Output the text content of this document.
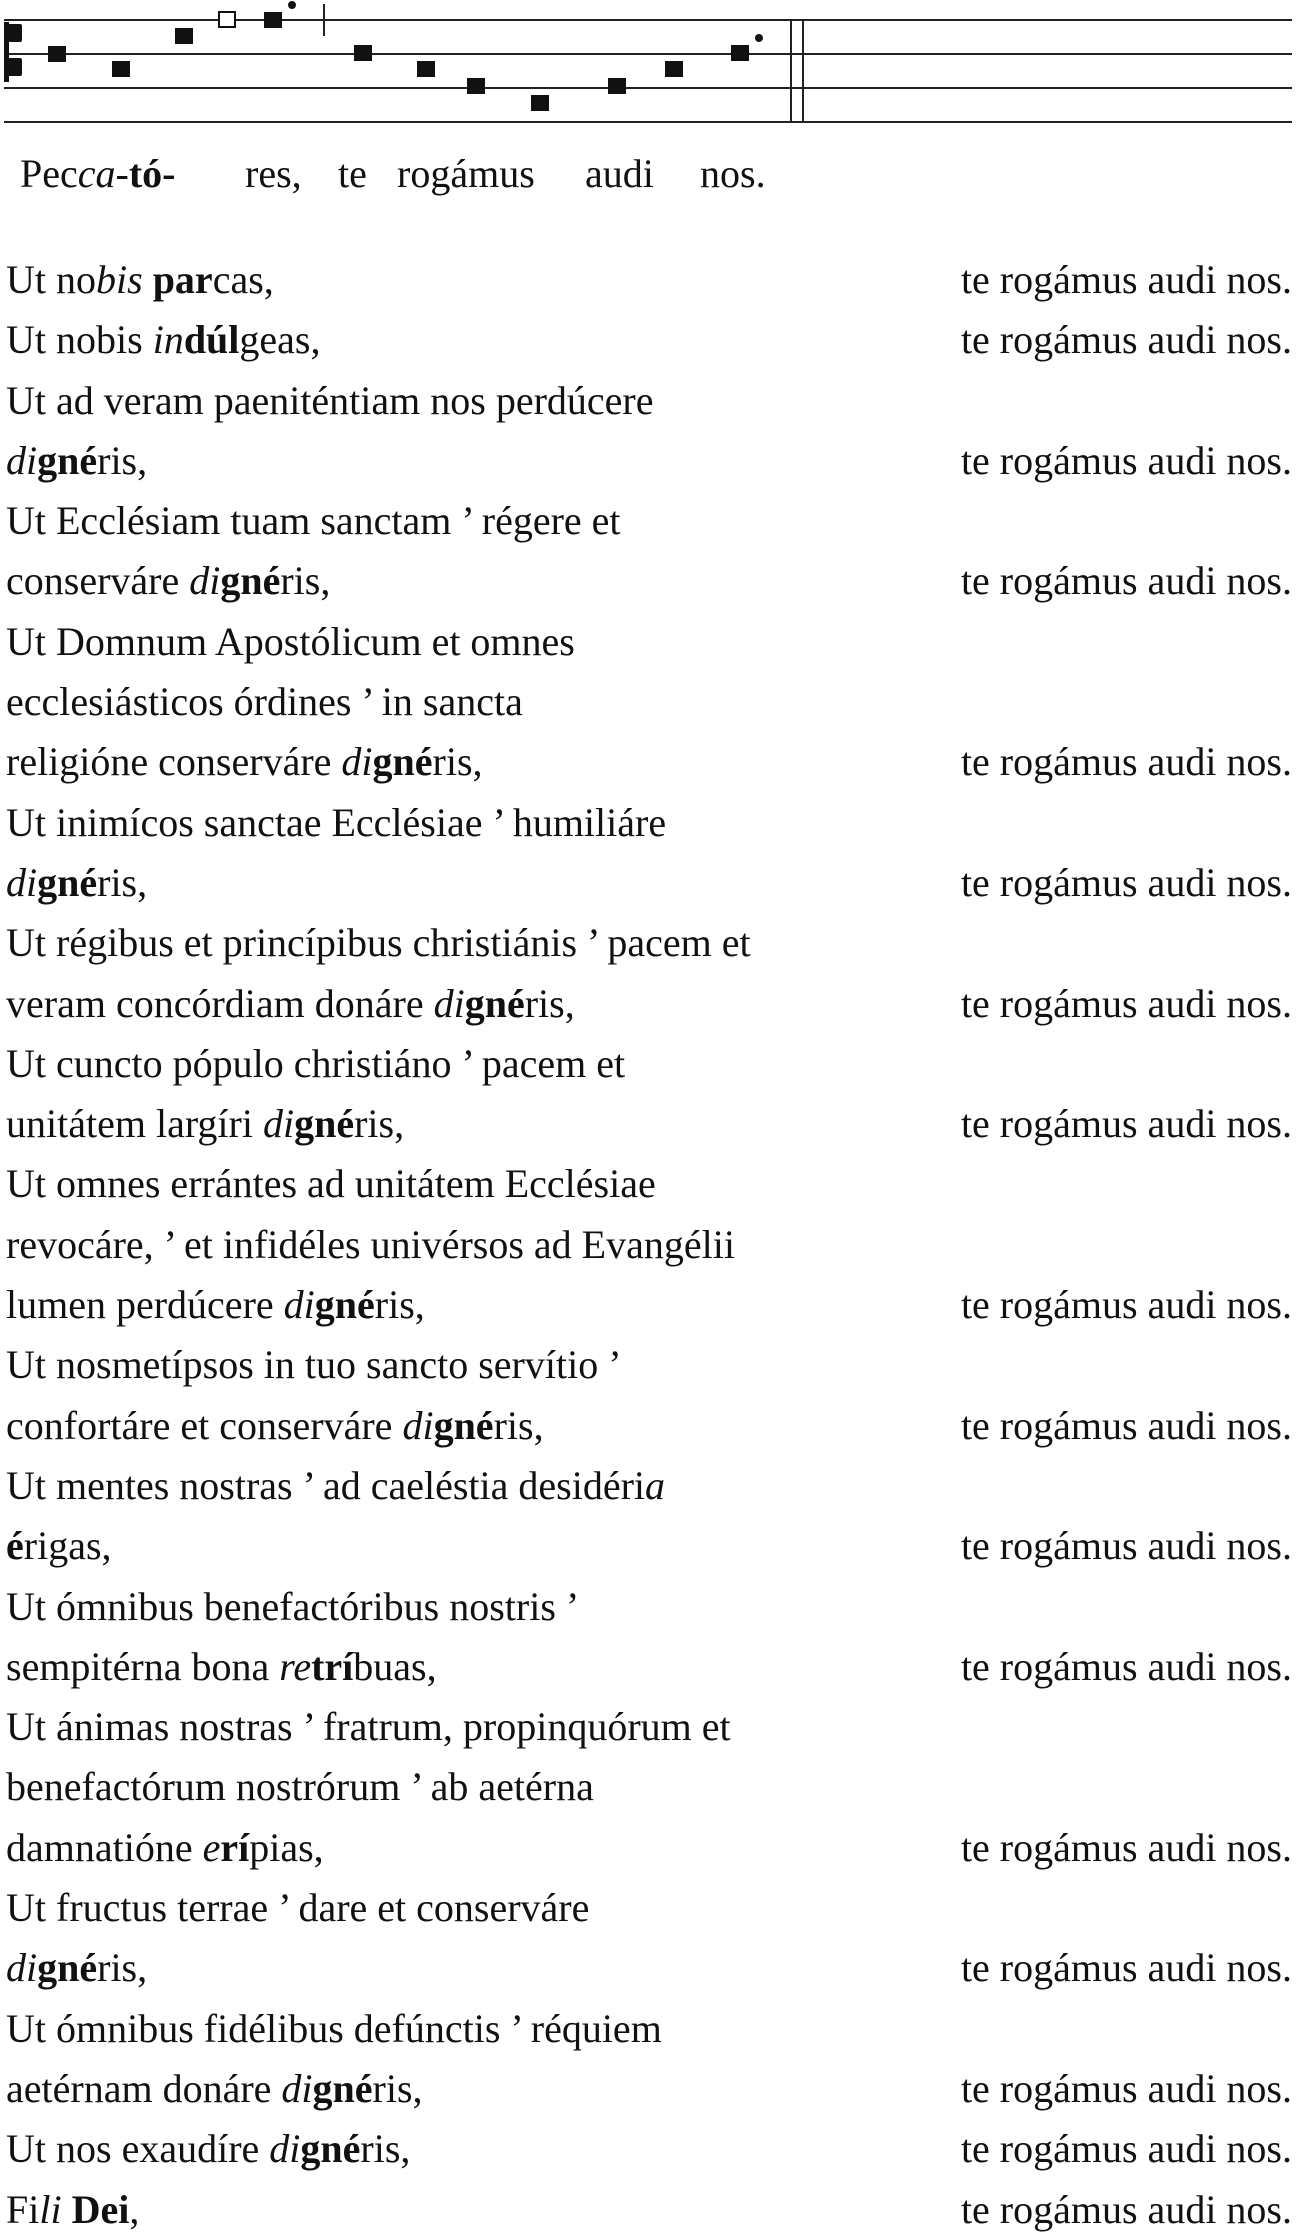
Pecca-tó- res, te rogámus audi nos.
Ut nobis parcas,	te rogámus audi nos.
Ut nobis indúlgeas,	te rogámus audi nos.
Ut ad veram paeniténtiam nos perdúcere
dignéris,	te rogámus audi nos.
Ut Ecclésiam tuam sanctam ’ régere et
conserváre dignéris,	te rogámus audi nos.
Ut Domnum Apostólicum et omnes
ecclesiásticos órdines ’ in sancta
religióne conserváre dignéris,	te rogámus audi nos.
Ut inimícos sanctae Ecclésiae ’ humiliáre
dignéris,	te rogámus audi nos.
Ut régibus et princípibus christiánis ’ pacem et
veram concórdiam donáre dignéris,	te rogámus audi nos.
Ut cuncto pópulo christiáno ’ pacem et
unitátem largíri dignéris,	te rogámus audi nos.
Ut omnes errántes ad unitátem Ecclésiae
revocáre, ’ et infidéles univérsos ad Evangélii
lumen perdúcere dignéris,	te rogámus audi nos.
Ut nosmetípsos in tuo sancto servítio ’
confortáre et conserváre dignéris,	te rogámus audi nos.
Ut mentes nostras ’ ad caeléstia desidéria
érigas,	te rogámus audi nos.
Ut ómnibus benefactóribus nostris ’
sempitérna bona retríbuas,	te rogámus audi nos.
Ut ánimas nostras ’ fratrum, propinquórum et
benefactórum nostrórum ’ ab aetérna
damnatióne erípias,	te rogámus audi nos.
Ut fructus terrae ’ dare et conserváre
dignéris,	te rogámus audi nos.
Ut ómnibus fidélibus defúnctis ’ réquiem
aetérnam donáre dignéris,	te rogámus audi nos.
Ut nos exaudíre dignéris,	te rogámus audi nos.
Fili Dei,	te rogámus audi nos.
